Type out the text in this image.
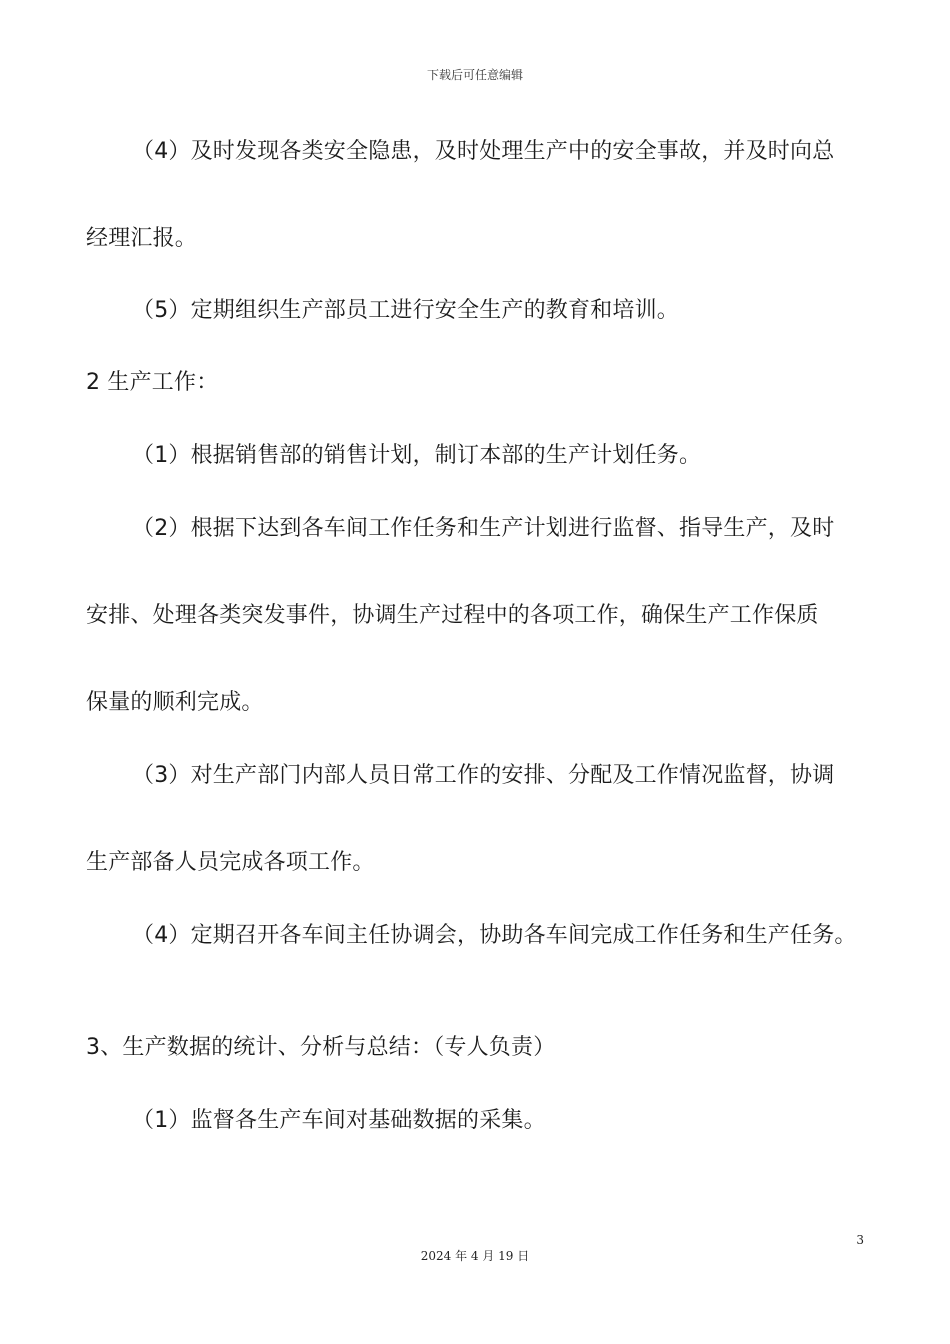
下载后可任意编辑
（4）及时发现各类安全隐患，及时处理生产中的安全事故，并及时向总
经理汇报。
（5）定期组织生产部员工进行安全生产的教育和培训。
2 生产工作：
（1）根据销售部的销售计划，制订本部的生产计划任务。
（2）根据下达到各车间工作任务和生产计划进行监督、指导生产，及时
安排、处理各类突发事件，协调生产过程中的各项工作，确保生产工作保质
保量的顺利完成。
（3）对生产部门内部人员日常工作的安排、分配及工作情况监督，协调
生产部备人员完成各项工作。
（4）定期召开各车间主任协调会，协助各车间完成工作任务和生产任务。
3、生产数据的统计、分析与总结：（专人负责）
（1）监督各生产车间对基础数据的采集。
3
2024 年 4 月 19 日
